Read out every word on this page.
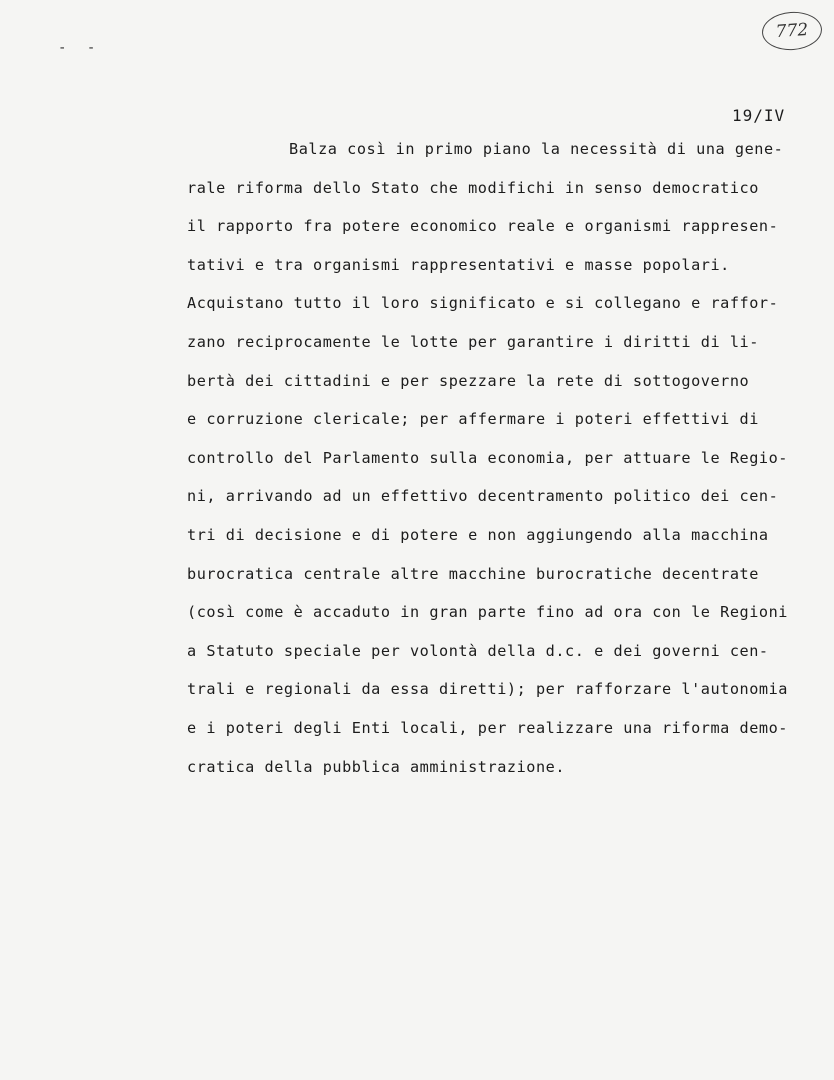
772
- -
19/IV
Balza così in primo piano la necessità di una gene-
rale riforma dello Stato che modifichi in senso democratico
il rapporto fra potere economico reale e organismi rappresen-
tativi e tra organismi rappresentativi e masse popolari.
Acquistano tutto il loro significato e si collegano e raffor-
zano reciprocamente le lotte per garantire i diritti di li-
bertà dei cittadini e per spezzare la rete di sottogoverno
e corruzione clericale; per affermare i poteri effettivi di
controllo del Parlamento sulla economia, per attuare le Regio-
ni, arrivando ad un effettivo decentramento politico dei cen-
tri di decisione e di potere e non aggiungendo alla macchina
burocratica centrale altre macchine burocratiche decentrate
(così come è accaduto in gran parte fino ad ora con le Regioni
a Statuto speciale per volontà della d.c. e dei governi cen-
trali e regionali da essa diretti); per rafforzare l'autonomia
e i poteri degli Enti locali, per realizzare una riforma demo-
cratica della pubblica amministrazione.
